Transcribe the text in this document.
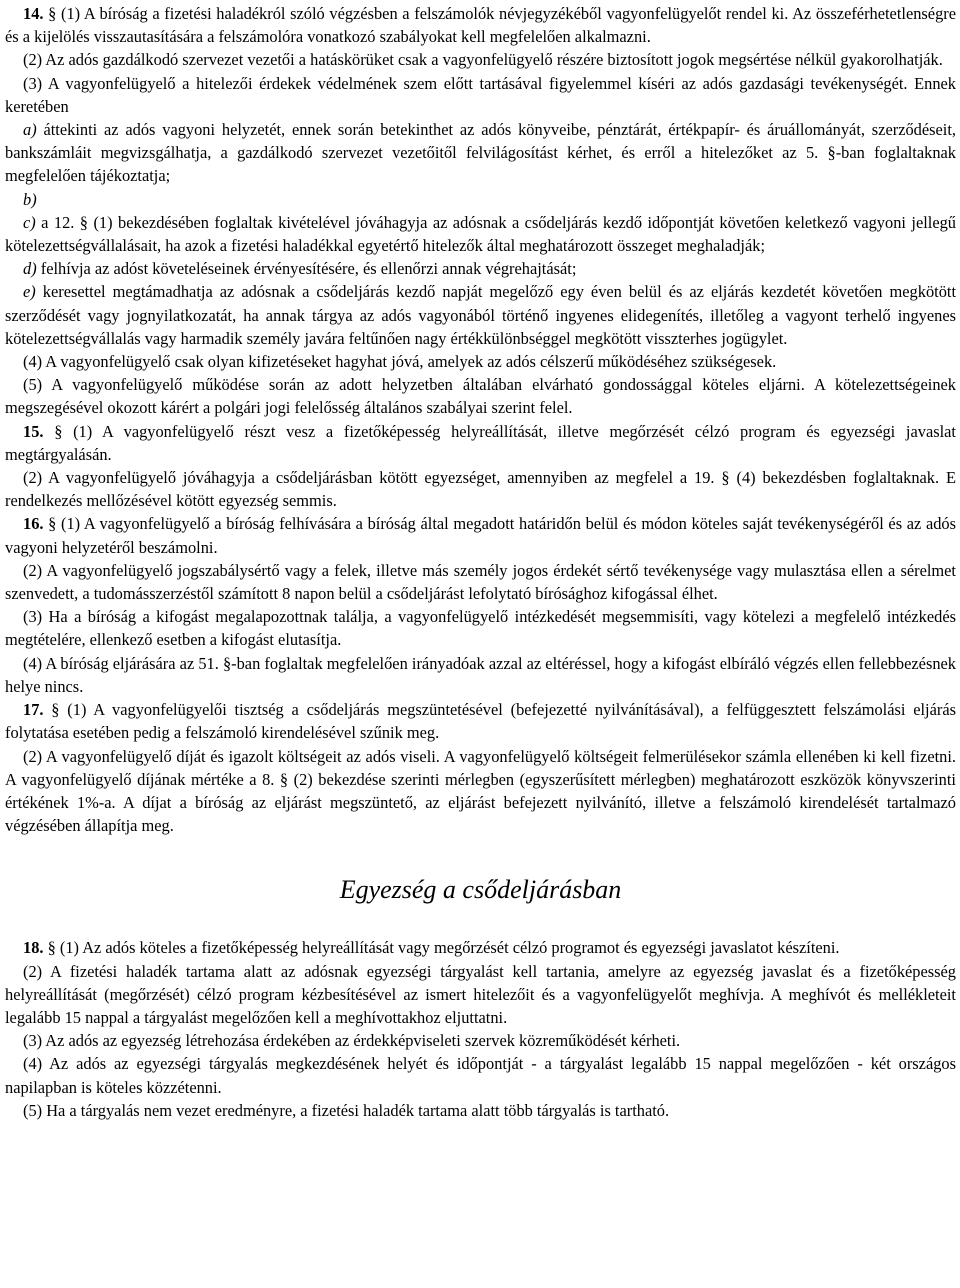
14. § (1) A bíróság a fizetési haladékról szóló végzésben a felszámolók névjegyzékéből vagyonfelügyelőt rendel ki. Az összeférhetetlenségre és a kijelölés visszautasítására a felszámolóra vonatkozó szabályokat kell megfelelően alkalmazni.

(2) Az adós gazdálkodó szervezet vezetői a hatáskörüket csak a vagyonfelügyelő részére biztosított jogok megsértése nélkül gyakorolhatják.

(3) A vagyonfelügyelő a hitelezői érdekek védelmének szem előtt tartásával figyelemmel kíséri az adós gazdasági tevékenységét. Ennek keretében

a) áttekinti az adós vagyoni helyzetét, ennek során betekinthet az adós könyveibe, pénztárát, értékpapír- és áruállományát, szerződéseit, bankszámláit megvizsgálhatja, a gazdálkodó szervezet vezetőitől felvilágosítást kérhet, és erről a hitelezőket az 5. §-ban foglaltaknak megfelelően tájékoztatja;

b)

c) a 12. § (1) bekezdésében foglaltak kivételével jóváhagyja az adósnak a csődeljárás kezdő időpontját követően keletkező vagyoni jellegű kötelezettségvállalásait, ha azok a fizetési haladékkal egyetértő hitelezők által meghatározott összeget meghaladják;

d) felhívja az adóst követeléseinek érvényesítésére, és ellenőrzi annak végrehajtását;

e) keresettel megtámadhatja az adósnak a csődeljárás kezdő napját megelőző egy éven belül és az eljárás kezdetét követően megkötött szerződését vagy jognyilatkozatát, ha annak tárgya az adós vagyonából történő ingyenes elidegenítés, illetőleg a vagyont terhelő ingyenes kötelezettségvállalás vagy harmadik személy javára feltűnően nagy értékkülönbséggel megkötött visszterhes jogügylet.

(4) A vagyonfelügyelő csak olyan kifizetéseket hagyhat jóvá, amelyek az adós célszerű működéséhez szükségesek.

(5) A vagyonfelügyelő működése során az adott helyzetben általában elvárható gondossággal köteles eljárni. A kötelezettségeinek megszegésével okozott kárért a polgári jogi felelősség általános szabályai szerint felel.

15. § (1) A vagyonfelügyelő részt vesz a fizetőképesség helyreállítását, illetve megőrzését célzó program és egyezségi javaslat megtárgyalásán.

(2) A vagyonfelügyelő jóváhagyja a csődeljárásban kötött egyezséget, amennyiben az megfelel a 19. § (4) bekezdésben foglaltaknak. E rendelkezés mellőzésével kötött egyezség semmis.

16. § (1) A vagyonfelügyelő a bíróság felhívására a bíróság által megadott határidőn belül és módon köteles saját tevékenységéről és az adós vagyoni helyzetéről beszámolni.

(2) A vagyonfelügyelő jogszabálysértő vagy a felek, illetve más személy jogos érdekét sértő tevékenysége vagy mulasztása ellen a sérelmet szenvedett, a tudomásszerzéstől számított 8 napon belül a csődeljárást lefolytató bírósághoz kifogással élhet.

(3) Ha a bíróság a kifogást megalapozottnak találja, a vagyonfelügyelő intézkedését megsemmisíti, vagy kötelezi a megfelelő intézkedés megtételére, ellenkező esetben a kifogást elutasítja.

(4) A bíróság eljárására az 51. §-ban foglaltak megfelelően irányadóak azzal az eltéréssel, hogy a kifogást elbíráló végzés ellen fellebbezésnek helye nincs.

17. § (1) A vagyonfelügyelői tisztség a csődeljárás megszüntetésével (befejezetté nyilvánításával), a felfüggesztett felszámolási eljárás folytatása esetében pedig a felszámoló kirendelésével szűnik meg.

(2) A vagyonfelügyelő díját és igazolt költségeit az adós viseli. A vagyonfelügyelő költségeit felmerülésekor számla ellenében ki kell fizetni. A vagyonfelügyelő díjának mértéke a 8. § (2) bekezdése szerinti mérlegben (egyszerűsített mérlegben) meghatározott eszközök könyvszerinti értékének 1%-a. A díjat a bíróság az eljárást megszüntető, az eljárást befejezett nyilvánító, illetve a felszámoló kirendelését tartalmazó végzésében állapítja meg.

Egyezség a csődeljárásban

18. § (1) Az adós köteles a fizetőképesség helyreállítását vagy megőrzését célzó programot és egyezségi javaslatot készíteni.

(2) A fizetési haladék tartama alatt az adósnak egyezségi tárgyalást kell tartania, amelyre az egyezség javaslat és a fizetőképesség helyreállítását (megőrzését) célzó program kézbesítésével az ismert hitelezőit és a vagyonfelügyelőt meghívja. A meghívót és mellékleteit legalább 15 nappal a tárgyalást megelőzően kell a meghívottakhoz eljuttatni.

(3) Az adós az egyezség létrehozása érdekében az érdekképviseleti szervek közreműködését kérheti.

(4) Az adós az egyezségi tárgyalás megkezdésének helyét és időpontját - a tárgyalást legalább 15 nappal megelőzően - két országos napilapban is köteles közzétenni.

(5) Ha a tárgyalás nem vezet eredményre, a fizetési haladék tartama alatt több tárgyalás is tartható.
